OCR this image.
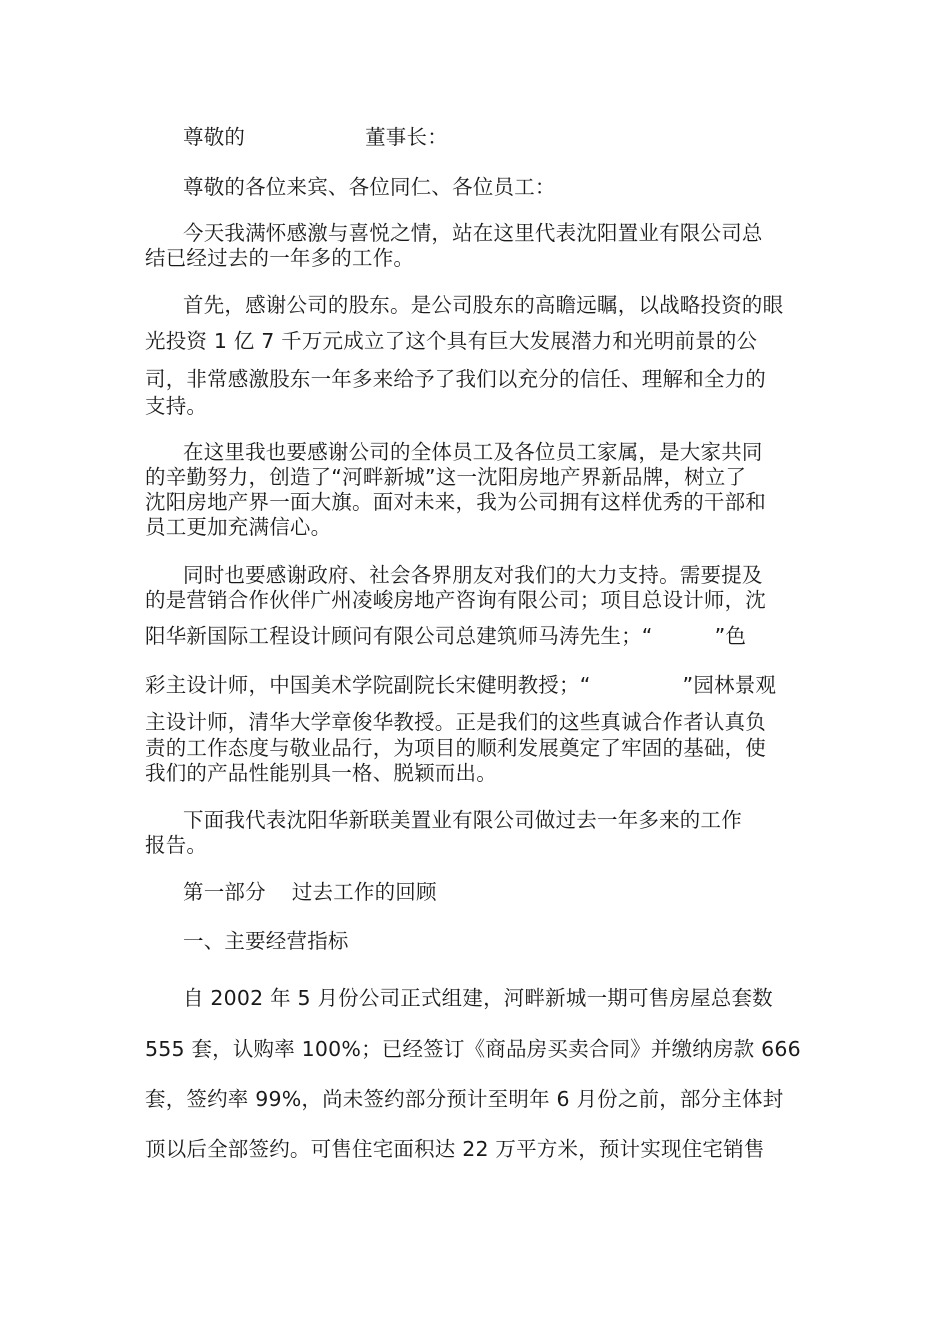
尊敬的	董事长：
尊敬的各位来宾、各位同仁、各位员工：
今天我满怀感激与喜悦之情，站在这里代表沈阳置业有限公司总
结已经过去的一年多的工作。
首先，感谢公司的股东。是公司股东的高瞻远瞩，以战略投资的眼
光投资 1 亿 7 千万元成立了这个具有巨大发展潜力和光明前景的公
司，非常感激股东一年多来给予了我们以充分的信任、理解和全力的
支持。
在这里我也要感谢公司的全体员工及各位员工家属，是大家共同
的辛勤努力，创造了“河畔新城”这一沈阳房地产界新品牌，树立了
沈阳房地产界一面大旗。面对未来，我为公司拥有这样优秀的干部和
员工更加充满信心。
同时也要感谢政府、社会各界朋友对我们的大力支持。需要提及
的是营销合作伙伴广州凌峻房地产咨询有限公司；项目总设计师，沈
阳华新国际工程设计顾问有限公司总建筑师马涛先生；“	”色
彩主设计师，中国美术学院副院长宋健明教授；“	”园林景观
主设计师，清华大学章俊华教授。正是我们的这些真诚合作者认真负
责的工作态度与敬业品行，为项目的顺利发展奠定了牢固的基础，使
我们的产品性能别具一格、脱颖而出。
下面我代表沈阳华新联美置业有限公司做过去一年多来的工作
报告。
第一部分 过去工作的回顾
一、主要经营指标
自 2002 年 5 月份公司正式组建，河畔新城一期可售房屋总套数
555 套，认购率 100%；已经签订《商品房买卖合同》并缴纳房款 666
套，签约率 99%，尚未签约部分预计至明年 6 月份之前，部分主体封
顶以后全部签约。可售住宅面积达 22 万平方米，预计实现住宅销售
